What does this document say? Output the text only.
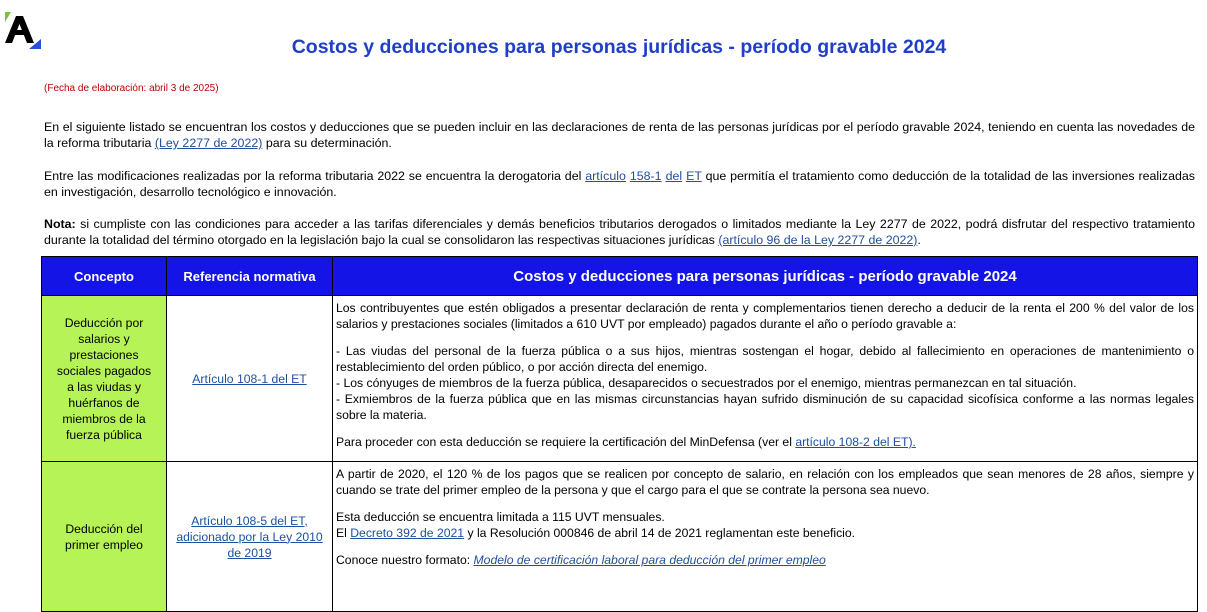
Costos y deducciones para personas jurídicas - período gravable 2024
(Fecha de elaboración: abril 3 de 2025)
En el siguiente listado se encuentran los costos y deducciones que se pueden incluir en las declaraciones de renta de las personas jurídicas por el período gravable 2024, teniendo en cuenta las novedades de la reforma tributaria (Ley 2277 de 2022) para su determinación.
Entre las modificaciones realizadas por la reforma tributaria 2022 se encuentra la derogatoria del artículo 158-1 del ET que permitía el tratamiento como deducción de la totalidad de las inversiones realizadas en investigación, desarrollo tecnológico e innovación.
Nota: si cumpliste con las condiciones para acceder a las tarifas diferenciales y demás beneficios tributarios derogados o limitados mediante la Ley 2277 de 2022, podrá disfrutar del respectivo tratamiento durante la totalidad del término otorgado en la legislación bajo la cual se consolidaron las respectivas situaciones jurídicas (artículo 96 de la Ley 2277 de 2022).
Concepto	Referencia normativa	Costos y deducciones para personas jurídicas - período gravable 2024
Deducción por salarios y prestaciones sociales pagados a las viudas y huérfanos de miembros de la fuerza pública	Artículo 108-1 del ET	Los contribuyentes que estén obligados a presentar declaración de renta y complementarios tienen derecho a deducir de la renta el 200 % del valor de los salarios y prestaciones sociales (limitados a 610 UVT por empleado) pagados durante el año o período gravable a:

- Las viudas del personal de la fuerza pública o a sus hijos, mientras sostengan el hogar, debido al fallecimiento en operaciones de mantenimiento o restablecimiento del orden público, o por acción directa del enemigo.

- Los cónyuges de miembros de la fuerza pública, desaparecidos o secuestrados por el enemigo, mientras permanezcan en tal situación.

- Exmiembros de la fuerza pública que en las mismas circunstancias hayan sufrido disminución de su capacidad sicofísica conforme a las normas legales sobre la materia.

Para proceder con esta deducción se requiere la certificación del MinDefensa (ver el artículo 108-2 del ET).

Deducción del primer empleo	Artículo 108-5 del ET, adicionado por la Ley 2010 de 2019	A partir de 2020, el 120 % de los pagos que se realicen por concepto de salario, en relación con los empleados que sean menores de 28 años, siempre y cuando se trate del primer empleo de la persona y que el cargo para el que se contrate la persona sea nuevo.

Esta deducción se encuentra limitada a 115 UVT mensuales.

El Decreto 392 de 2021 y la Resolución 000846 de abril 14 de 2021 reglamentan este beneficio.

Conoce nuestro formato: Modelo de certificación laboral para deducción del primer empleo
